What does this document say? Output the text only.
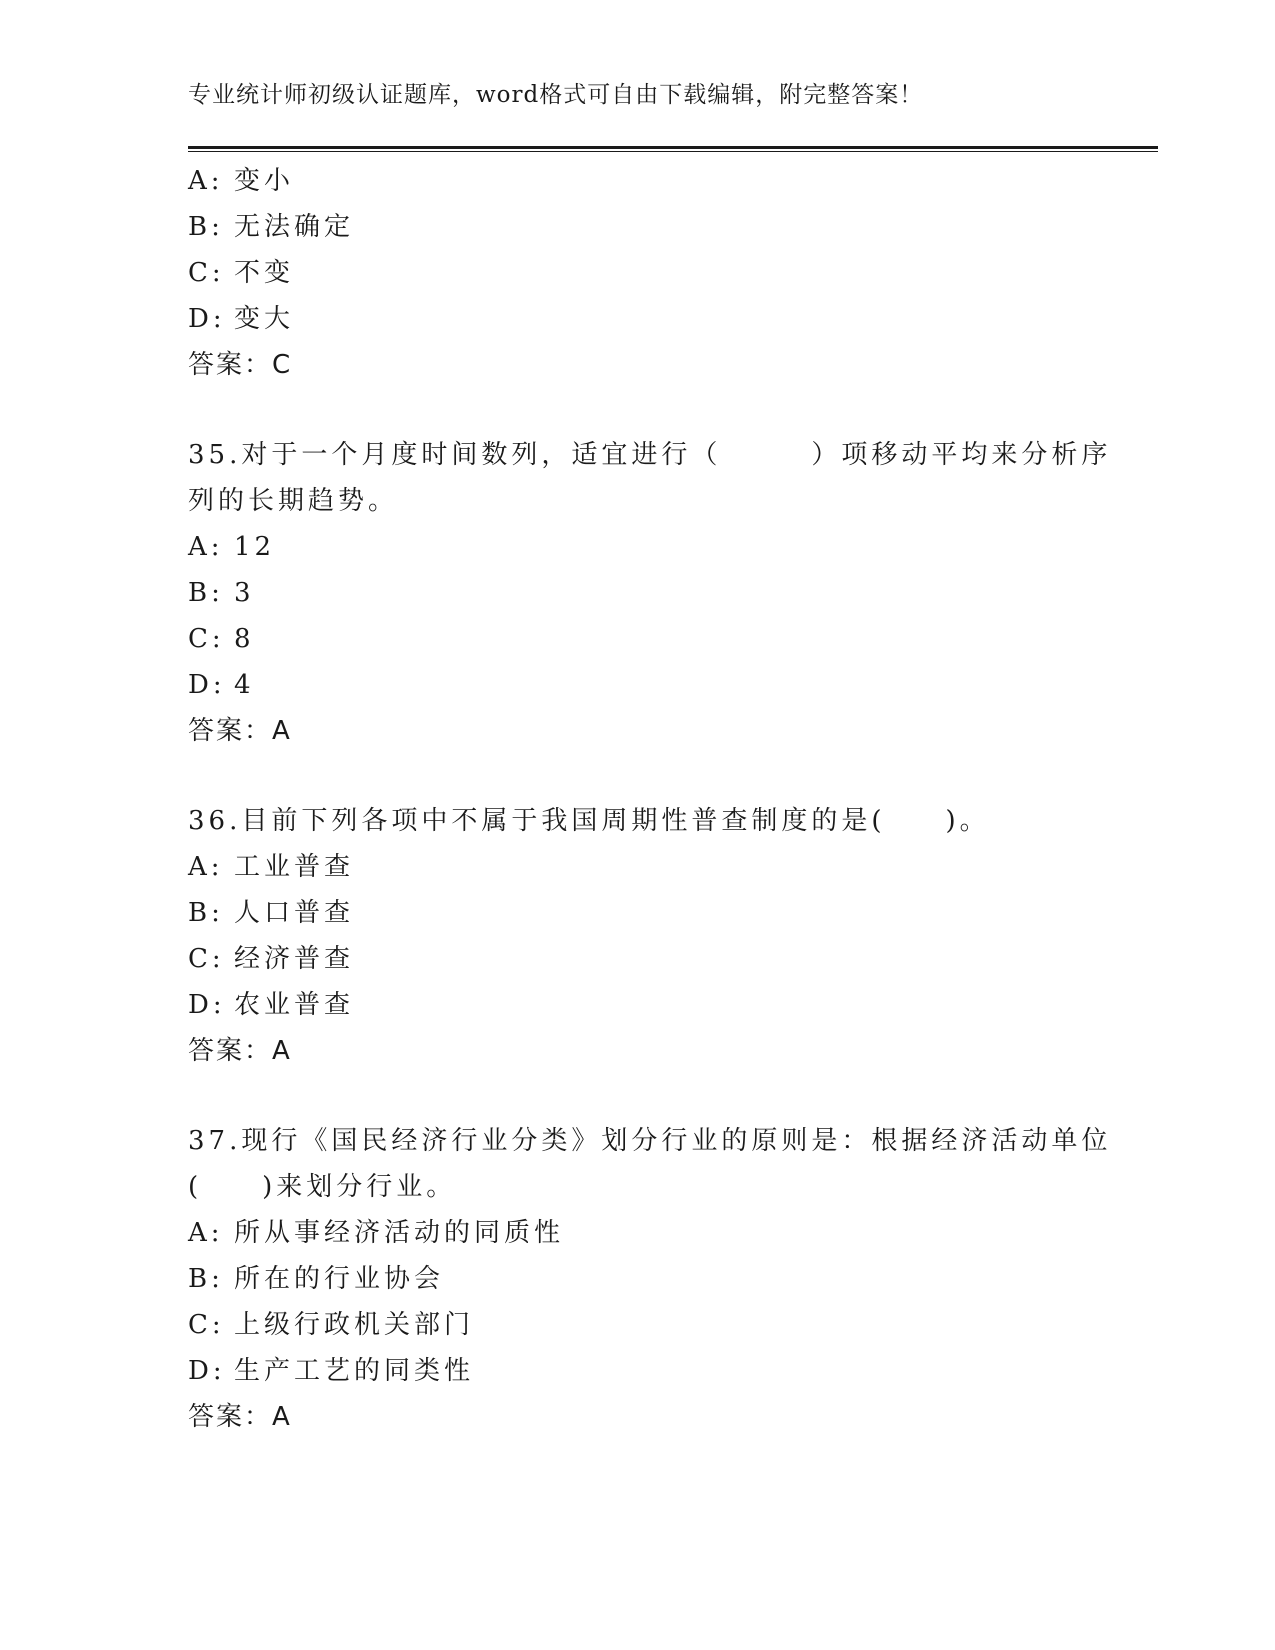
专业统计师初级认证题库，word格式可自由下载编辑，附完整答案！
A: 变小
B: 无法确定
C: 不变
D: 变大
答案：C
35.对于一个月度时间数列，适宜进行（　　　）项移动平均来分析序
列的长期趋势。
A: 12
B: 3
C: 8
D: 4
答案：A
36.目前下列各项中不属于我国周期性普查制度的是(　　)。
A: 工业普查
B: 人口普查
C: 经济普查
D: 农业普查
答案：A
37.现行《国民经济行业分类》划分行业的原则是：根据经济活动单位
(　　)来划分行业。
A: 所从事经济活动的同质性
B: 所在的行业协会
C: 上级行政机关部门
D: 生产工艺的同类性
答案：A
